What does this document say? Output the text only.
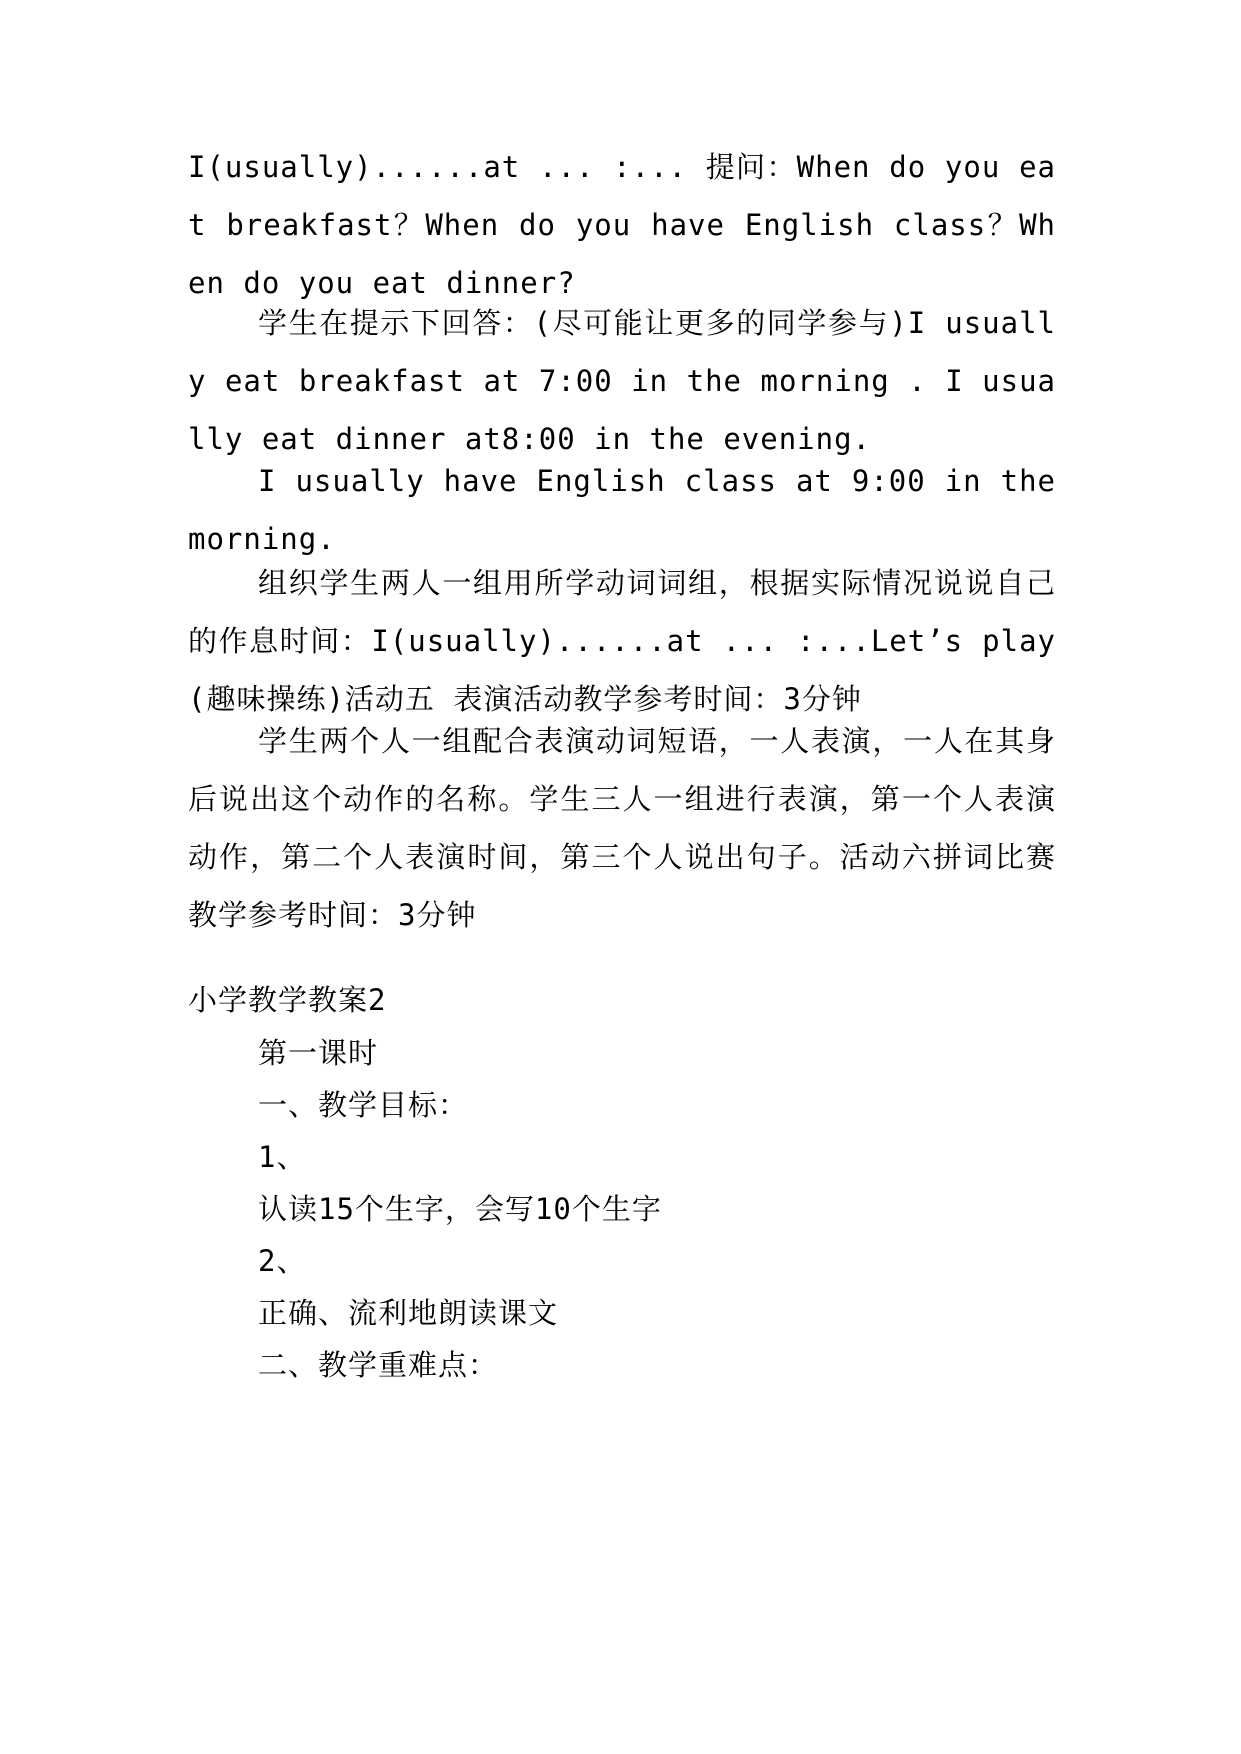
I(usually)......at ... :... 提问：When do you eat breakfast？When do you have English class？When do you eat dinner?

学生在提示下回答：(尽可能让更多的同学参与)I usually eat breakfast at 7:00 in the morning . I usually eat dinner at8:00 in the evening.

I usually have English class at 9:00 in the morning.

组织学生两人一组用所学动词词组，根据实际情况说说自己的作息时间：I(usually)......at ... :...Let’s play (趣味操练)活动五 表演活动教学参考时间：3分钟

学生两个人一组配合表演动词短语，一人表演，一人在其身后说出这个动作的名称。学生三人一组进行表演，第一个人表演动作，第二个人表演时间，第三个人说出句子。活动六拼词比赛教学参考时间：3分钟

小学教学教案2
第一课时
一、教学目标：
1、
认读15个生字，会写10个生字
2、
正确、流利地朗读课文
二、教学重难点：
